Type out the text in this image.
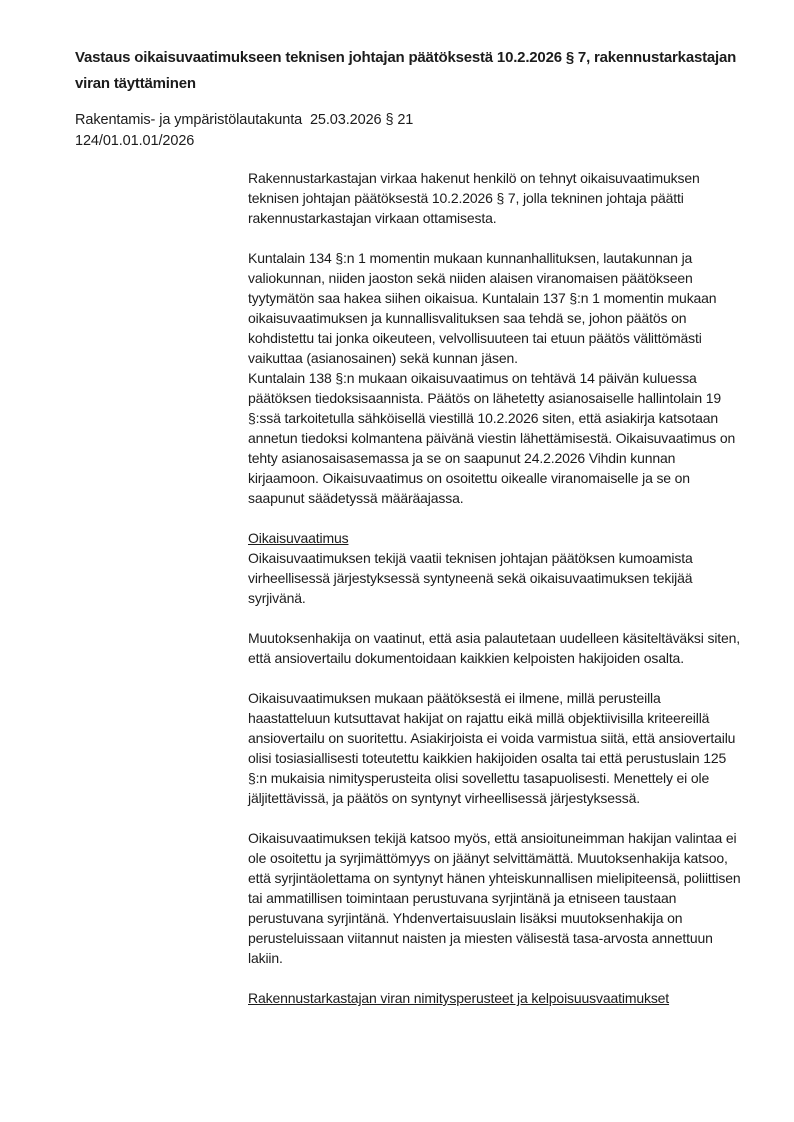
Vastaus oikaisuvaatimukseen teknisen johtajan päätöksestä 10.2.2026 § 7, rakennustarkastajan viran täyttäminen
Rakentamis- ja ympäristölautakunta  25.03.2026 § 21
124/01.01.01/2026

Rakennustarkastajan virkaa hakenut henkilö on tehnyt oikaisuvaatimuksen teknisen johtajan päätöksestä 10.2.2026 § 7, jolla tekninen johtaja päätti rakennustarkastajan virkaan ottamisesta.

Kuntalain 134 §:n 1 momentin mukaan kunnanhallituksen, lautakunnan ja valiokunnan, niiden jaoston sekä niiden alaisen viranomaisen päätökseen tyytymätön saa hakea siihen oikaisua. Kuntalain 137 §:n 1 momentin mukaan oikaisuvaatimuksen ja kunnallisvalituksen saa tehdä se, johon päätös on kohdistettu tai jonka oikeuteen, velvollisuuteen tai etuun päätös välittömästi vaikuttaa (asianosainen) sekä kunnan jäsen.

Kuntalain 138 §:n mukaan oikaisuvaatimus on tehtävä 14 päivän kuluessa päätöksen tiedoksisaannista. Päätös on lähetetty asianosaiselle hallintolain 19 §:ssä tarkoitetulla sähköisellä viestillä 10.2.2026 siten, että asiakirja katsotaan annetun tiedoksi kolmantena päivänä viestin lähettämisestä. Oikaisuvaatimus on tehty asianosaisasemassa ja se on saapunut 24.2.2026 Vihdin kunnan kirjaamoon. Oikaisuvaatimus on osoitettu oikealle viranomaiselle ja se on saapunut säädetyssä määräajassa.

Oikaisuvaatimus

Oikaisuvaatimuksen tekijä vaatii teknisen johtajan päätöksen kumoamista virheellisessä järjestyksessä syntyneenä sekä oikaisuvaatimuksen tekijää syrjivänä.

Muutoksenhakija on vaatinut, että asia palautetaan uudelleen käsiteltäväksi siten, että ansiovertailu dokumentoidaan kaikkien kelpoisten hakijoiden osalta.

Oikaisuvaatimuksen mukaan päätöksestä ei ilmene, millä perusteilla haastatteluun kutsuttavat hakijat on rajattu eikä millä objektiivisilla kriteereillä ansiovertailu on suoritettu. Asiakirjoista ei voida varmistua siitä, että ansiovertailu olisi tosiasiallisesti toteutettu kaikkien hakijoiden osalta tai että perustuslain 125 §:n mukaisia nimitysperusteita olisi sovellettu tasapuolisesti. Menettely ei ole jäljitettävissä, ja päätös on syntynyt virheellisessä järjestyksessä.

Oikaisuvaatimuksen tekijä katsoo myös, että ansioituneimman hakijan valintaa ei ole osoitettu ja syrjimättömyys on jäänyt selvittämättä. Muutoksenhakija katsoo, että syrjintäolettama on syntynyt hänen yhteiskunnallisen mielipiteensä, poliittisen tai ammatillisen toimintaan perustuvana syrjintänä ja etniseen taustaan perustuvana syrjintänä. Yhdenvertaisuuslain lisäksi muutoksenhakija on perusteluissaan viitannut naisten ja miesten välisestä tasa-arvosta annettuun lakiin.

Rakennustarkastajan viran nimitysperusteet ja kelpoisuusvaatimukset
